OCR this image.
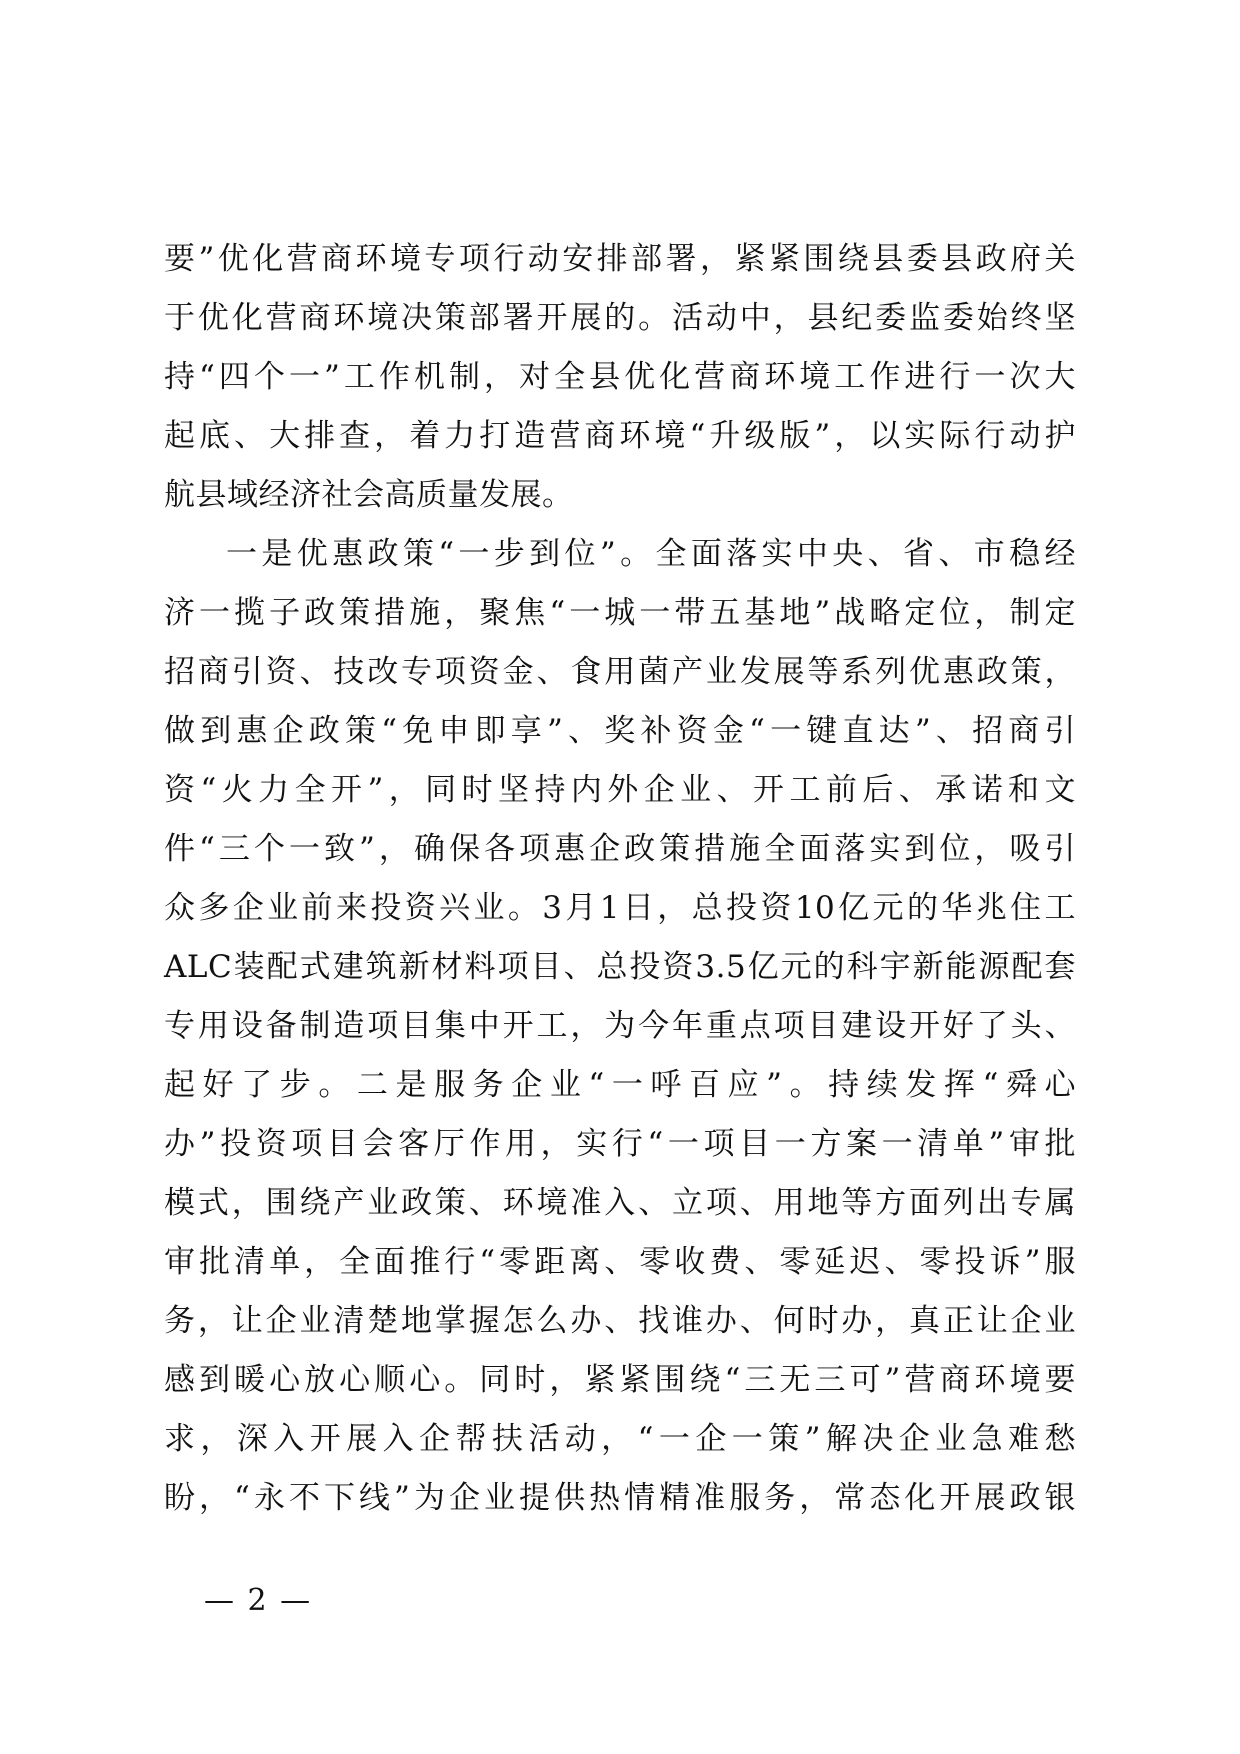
要”优化营商环境专项行动安排部署，紧紧围绕县委县政府关
于优化营商环境决策部署开展的。活动中，县纪委监委始终坚
持“四个一”工作机制，对全县优化营商环境工作进行一次大
起底、大排查，着力打造营商环境“升级版”，以实际行动护
航县域经济社会高质量发展。
一是优惠政策“一步到位”。全面落实中央、省、市稳经
济一揽子政策措施，聚焦“一城一带五基地”战略定位，制定
招商引资、技改专项资金、食用菌产业发展等系列优惠政策，
做到惠企政策“免申即享”、奖补资金“一键直达”、招商引
资“火力全开”，同时坚持内外企业、开工前后、承诺和文
件“三个一致”，确保各项惠企政策措施全面落实到位，吸引
众多企业前来投资兴业。3月1日，总投资10亿元的华兆住工
ALC装配式建筑新材料项目、总投资3.5亿元的科宇新能源配套
专用设备制造项目集中开工，为今年重点项目建设开好了头、
起好了步。二是服务企业“一呼百应”。持续发挥“舜心
办”投资项目会客厅作用，实行“一项目一方案一清单”审批
模式，围绕产业政策、环境准入、立项、用地等方面列出专属
审批清单，全面推行“零距离、零收费、零延迟、零投诉”服
务，让企业清楚地掌握怎么办、找谁办、何时办，真正让企业
感到暖心放心顺心。同时，紧紧围绕“三无三可”营商环境要
求，深入开展入企帮扶活动，“一企一策”解决企业急难愁
盼，“永不下线”为企业提供热情精准服务，常态化开展政银
— 2 —
